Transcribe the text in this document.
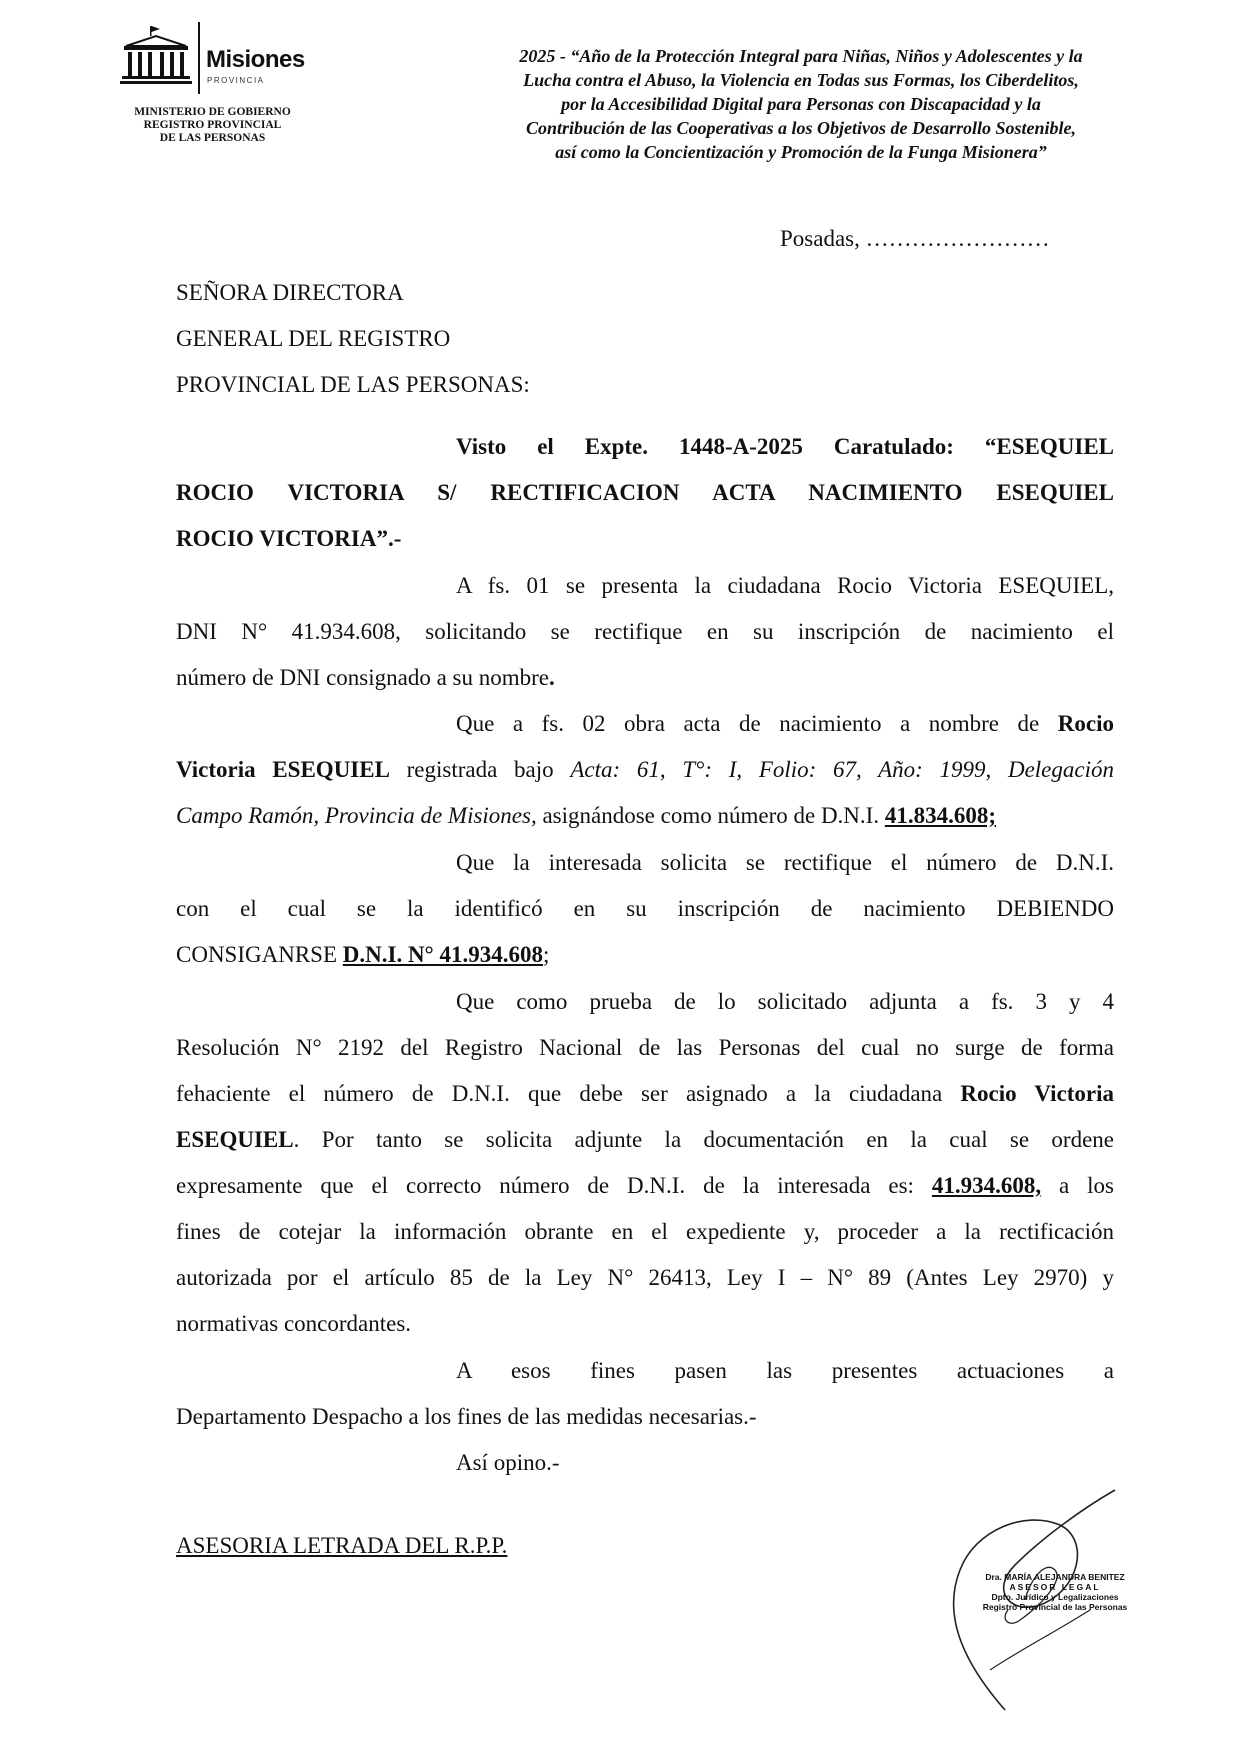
Misiones
PROVINCIA
MINISTERIO DE GOBIERNO
REGISTRO PROVINCIAL
DE LAS PERSONAS
2025 - “Año de la Protección Integral para Niñas, Niños y Adolescentes y la
Lucha contra el Abuso, la Violencia en Todas sus Formas, los Ciberdelitos,
por la Accesibilidad Digital para Personas con Discapacidad y la
Contribución de las Cooperativas a los Objetivos de Desarrollo Sostenible,
así como la Concientización y Promoción de la Funga Misionera”
Posadas, ……………………
SEÑORA DIRECTORA
GENERAL DEL REGISTRO
PROVINCIAL DE LAS PERSONAS:
Visto el Expte. 1448-A-2025 Caratulado: “ESEQUIEL
ROCIO VICTORIA S/ RECTIFICACION ACTA NACIMIENTO ESEQUIEL
ROCIO VICTORIA”.-
A fs. 01 se presenta la ciudadana Rocio Victoria ESEQUIEL,
DNI N° 41.934.608, solicitando se rectifique en su inscripción de nacimiento el
número de DNI consignado a su nombre.
Que a fs. 02 obra acta de nacimiento a nombre de Rocio
Victoria ESEQUIEL registrada bajo Acta: 61, T°: I, Folio: 67, Año: 1999, Delegación
Campo Ramón, Provincia de Misiones, asignándose como número de D.N.I. 41.834.608;
Que la interesada solicita se rectifique el número de D.N.I.
con el cual se la identificó en su inscripción de nacimiento DEBIENDO
CONSIGANRSE D.N.I. N° 41.934.608;
Que como prueba de lo solicitado adjunta a fs. 3 y 4
Resolución N° 2192 del Registro Nacional de las Personas del cual no surge de forma
fehaciente el número de D.N.I. que debe ser asignado a la ciudadana Rocio Victoria
ESEQUIEL. Por tanto se solicita adjunte la documentación en la cual se ordene
expresamente que el correcto número de D.N.I. de la interesada es: 41.934.608, a los
fines de cotejar la información obrante en el expediente y, proceder a la rectificación
autorizada por el artículo 85 de la Ley N° 26413, Ley I – N° 89 (Antes Ley 2970) y
normativas concordantes.
A esos fines pasen las presentes actuaciones a
Departamento Despacho a los fines de las medidas necesarias.-
Así opino.-
ASESORIA LETRADA DEL R.P.P.
Dra. MARÍA ALEJANDRA BENITEZ
ASESOR LEGAL
Dpto. Jurídico y Legalizaciones
Registro Provincial de las Personas
